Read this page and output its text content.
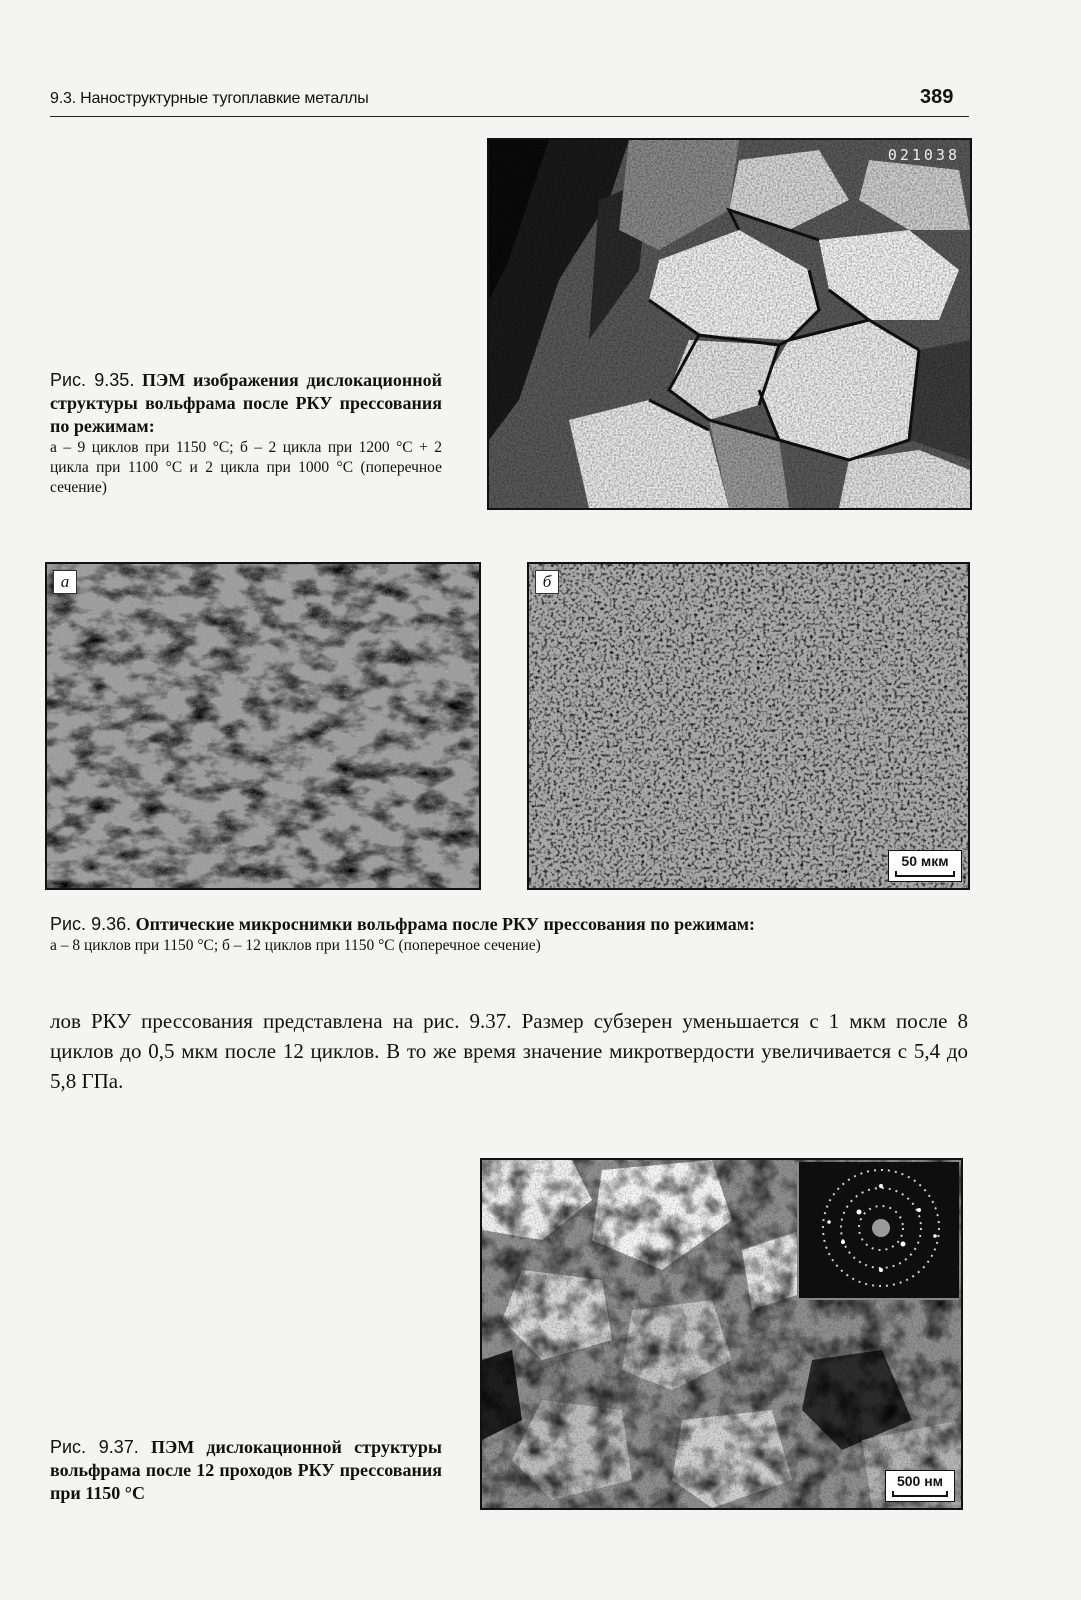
9.3. Наноструктурные тугоплавкие металлы	389
021038
Рис. 9.35. ПЭМ изображения дислокационной структуры вольфрама после РКУ прессования по режимам:
а – 9 циклов при 1150 °С; б – 2 цикла при 1200 °С + 2 цикла при 1100 °С и 2 цикла при 1000 °С (поперечное сечение)
а	б
50 мкм
Рис. 9.36. Оптические микроснимки вольфрама после РКУ прессования по режимам:
а – 8 циклов при 1150 °С; б – 12 циклов при 1150 °С (поперечное сечение)
лов РКУ прессования представлена на рис. 9.37. Размер субзерен уменьшается с 1 мкм после 8 циклов до 0,5 мкм после 12 циклов. В то же время значение микротвердости увеличивается с 5,4 до 5,8 ГПа.
500 нм
Рис. 9.37. ПЭМ дислокационной структуры вольфрама после 12 проходов РКУ прессования при 1150 °С
